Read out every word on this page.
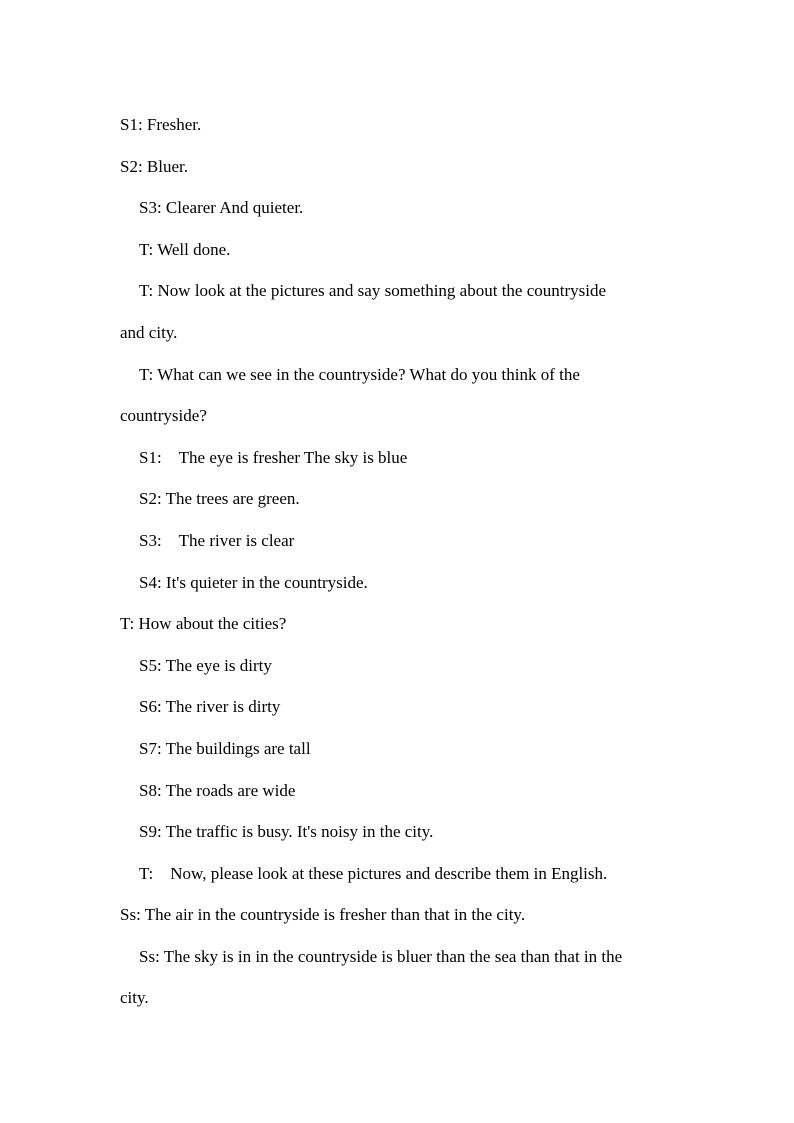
S1: Fresher.
S2: Bluer.
S3: Clearer And quieter.
T: Well done.
T: Now look at the pictures and say something about the countryside
and city.
T: What can we see in the countryside? What do you think of the
countryside?
S1:    The eye is fresher The sky is blue
S2: The trees are green.
S3:    The river is clear
S4: It's quieter in the countryside.
T: How about the cities?
S5: The eye is dirty
S6: The river is dirty
S7: The buildings are tall
S8: The roads are wide
S9: The traffic is busy. It's noisy in the city.
T:    Now, please look at these pictures and describe them in English.
Ss: The air in the countryside is fresher than that in the city.
Ss: The sky is in in the countryside is bluer than the sea than that in the
city.
